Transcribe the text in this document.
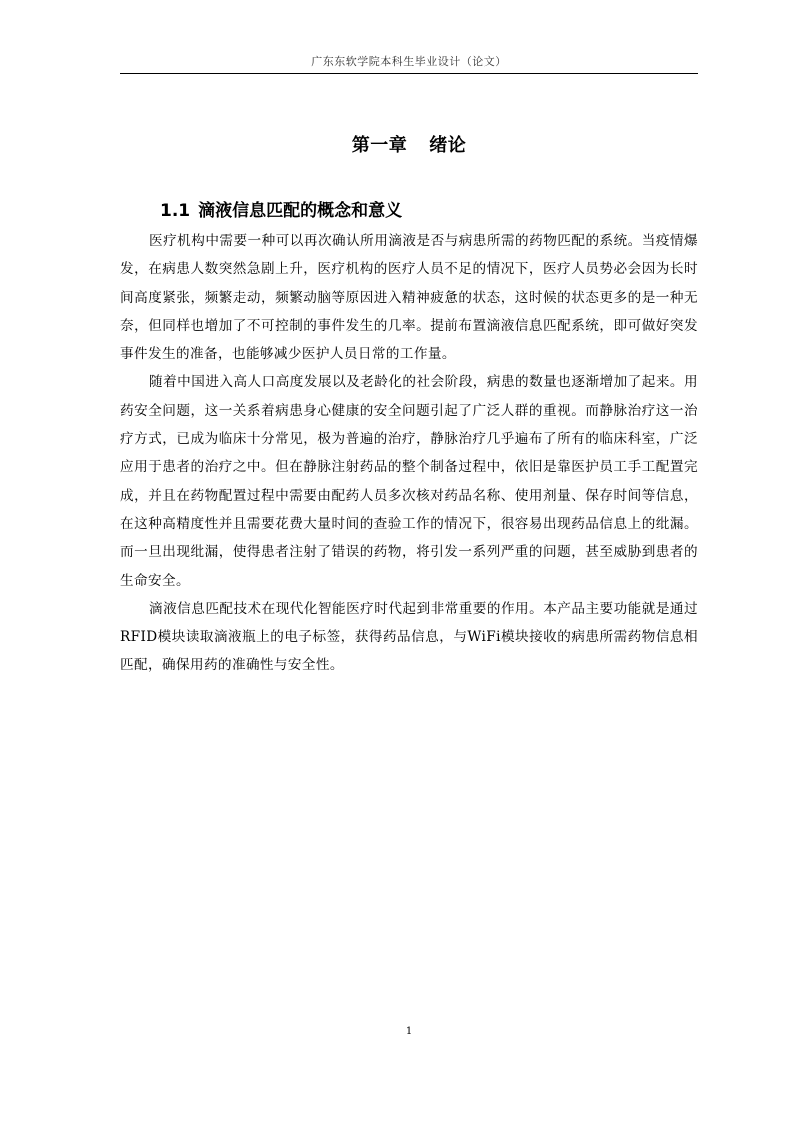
广东东软学院本科生毕业设计（论文）
第一章 绪论
1.1 滴液信息匹配的概念和意义

医疗机构中需要一种可以再次确认所用滴液是否与病患所需的药物匹配的系统。当疫情爆发，在病患人数突然急剧上升，医疗机构的医疗人员不足的情况下，医疗人员势必会因为长时间高度紧张，频繁走动，频繁动脑等原因进入精神疲惫的状态，这时候的状态更多的是一种无奈，但同样也增加了不可控制的事件发生的几率。提前布置滴液信息匹配系统，即可做好突发事件发生的准备，也能够减少医护人员日常的工作量。

随着中国进入高人口高度发展以及老龄化的社会阶段，病患的数量也逐渐增加了起来。用药安全问题，这一关系着病患身心健康的安全问题引起了广泛人群的重视。而静脉治疗这一治疗方式，已成为临床十分常见，极为普遍的治疗，静脉治疗几乎遍布了所有的临床科室，广泛应用于患者的治疗之中。但在静脉注射药品的整个制备过程中，依旧是靠医护员工手工配置完成，并且在药物配置过程中需要由配药人员多次核对药品名称、使用剂量、保存时间等信息，在这种高精度性并且需要花费大量时间的查验工作的情况下，很容易出现药品信息上的纰漏。而一旦出现纰漏，使得患者注射了错误的药物，将引发一系列严重的问题，甚至威胁到患者的生命安全。

滴液信息匹配技术在现代化智能医疗时代起到非常重要的作用。本产品主要功能就是通过RFID模块读取滴液瓶上的电子标签，获得药品信息，与WiFi模块接收的病患所需药物信息相匹配，确保用药的准确性与安全性。

1
